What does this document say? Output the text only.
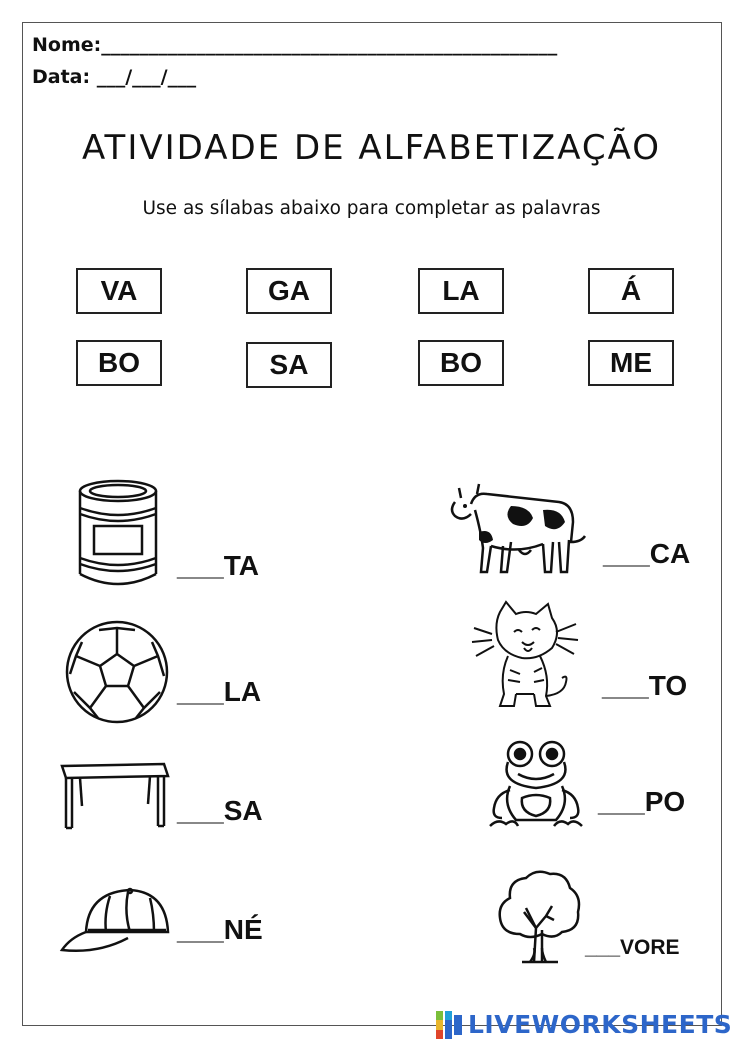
Nome:________________________________________________
Data: ___/___/___
ATIVIDADE DE ALFABETIZAÇÃO
Use as sílabas abaixo para completar as palavras
VA	GA	LA	Á
BO	SA	BO	ME
___TA
___LA
___SA
___NÉ
___CA
___TO
___PO
___VORE
LIVEWORKSHEETS
